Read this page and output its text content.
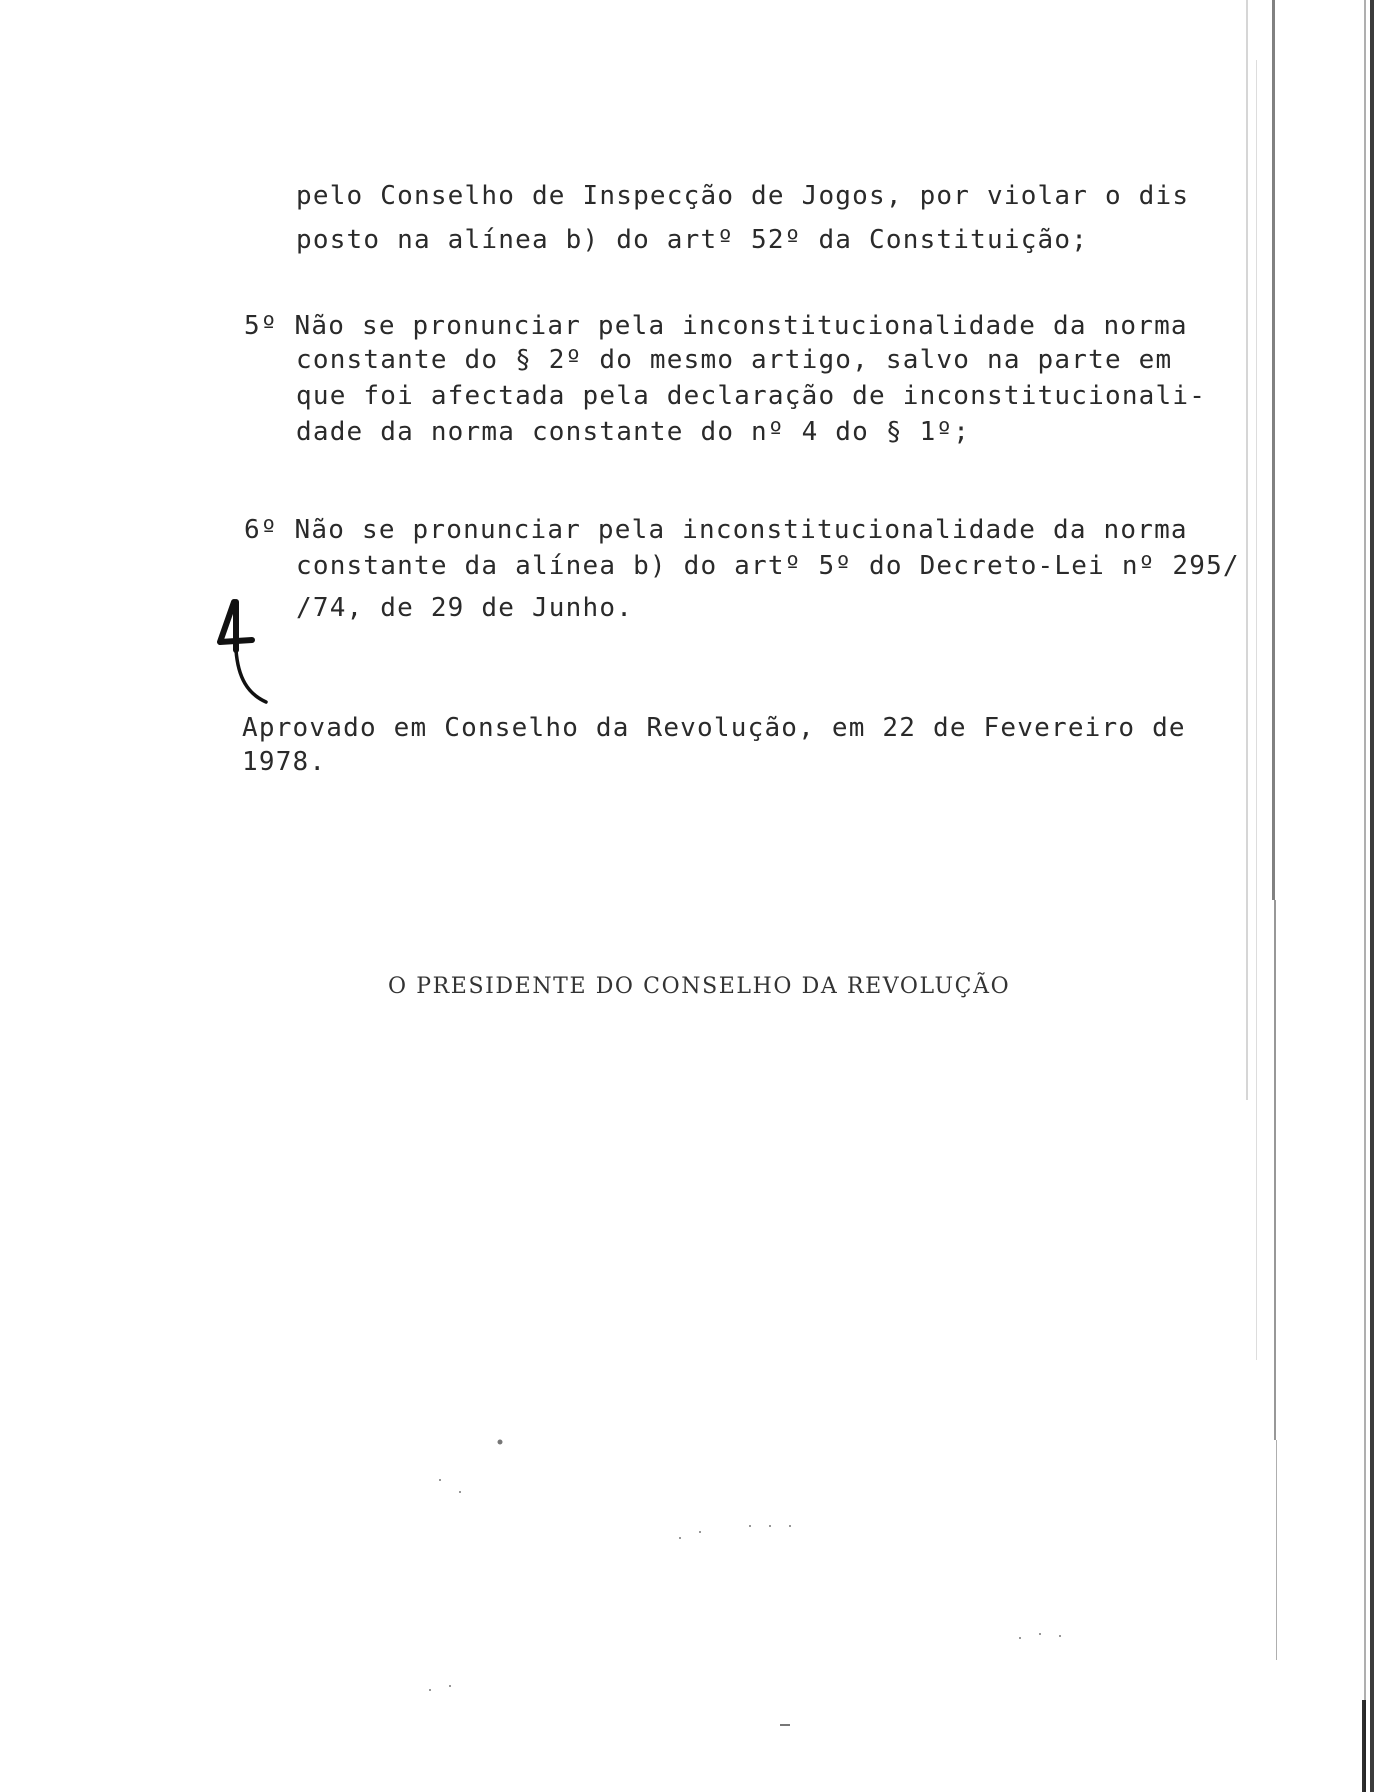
pelo Conselho de Inspecção de Jogos, por violar o dis
posto na alínea b) do artº 52º da Constituição;
5º Não se pronunciar pela inconstitucionalidade da norma
constante do § 2º do mesmo artigo, salvo na parte em
que foi afectada pela declaração de inconstitucionali-
dade da norma constante do nº 4 do § 1º;
6º Não se pronunciar pela inconstitucionalidade da norma
constante da alínea b) do artº 5º do Decreto-Lei nº 295/
/74, de 29 de Junho.
Aprovado em Conselho da Revolução, em 22 de Fevereiro de
1978.
O PRESIDENTE DO CONSELHO DA REVOLUÇÃO
